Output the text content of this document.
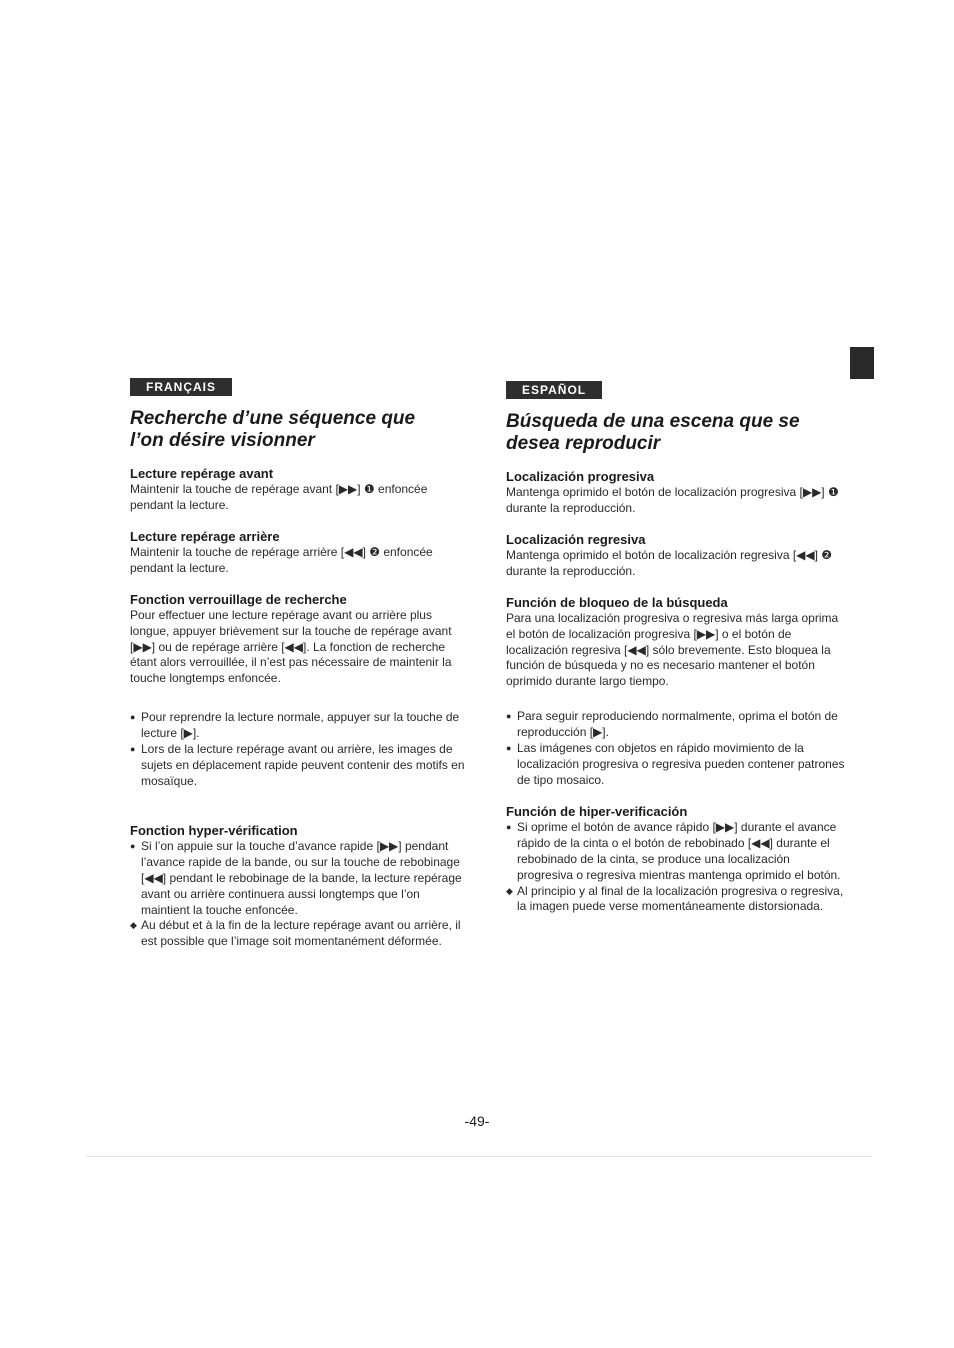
FRANÇAIS
Recherche d’une séquence que
l’on désire visionner
Lecture repérage avant

Maintenir la touche de repérage avant [▶▶] ❶ enfoncée pendant la lecture.

Lecture repérage arrière

Maintenir la touche de repérage arrière [◀◀] ❷ enfoncée pendant la lecture.

Fonction verrouillage de recherche

Pour effectuer une lecture repérage avant ou arrière plus longue, appuyer brièvement sur la touche de repérage avant [▶▶] ou de repérage arrière [◀◀]. La fonction de recherche étant alors verrouillée, il n’est pas nécessaire de maintenir la touche longtemps enfoncée.

● Pour reprendre la lecture normale, appuyer sur la touche de lecture [▶].
● Lors de la lecture repérage avant ou arrière, les images de sujets en déplacement rapide peuvent contenir des motifs en mosaïque.
Fonction hyper-vérification
● Si l’on appuie sur la touche d’avance rapide [▶▶] pendant l’avance rapide de la bande, ou sur la touche de rebobinage [◀◀] pendant le rebobinage de la bande, la lecture repérage avant ou arrière continuera aussi longtemps que l’on maintient la touche enfoncée.
◆ Au début et à la fin de la lecture repérage avant ou arrière, il est possible que l’image soit momentanément déformée.
ESPAÑOL
Búsqueda de una escena que se
desea reproducir
Localización progresiva

Mantenga oprimido el botón de localización progresiva [▶▶] ❶ durante la reproducción.

Localización regresiva

Mantenga oprimido el botón de localización regresiva [◀◀] ❷ durante la reproducción.

Función de bloqueo de la búsqueda

Para una localización progresiva o regresiva más larga oprima el botón de localización progresiva [▶▶] o el botón de localización regresiva [◀◀] sólo brevemente. Esto bloquea la función de búsqueda y no es necesario mantener el botón oprimido durante largo tiempo.

● Para seguir reproduciendo normalmente, oprima el botón de reproducción [▶].
● Las imágenes con objetos en rápido movimiento de la localización progresiva o regresiva pueden contener patrones de tipo mosaico.
Función de hiper-verificación
● Si oprime el botón de avance rápido [▶▶] durante el avance rápido de la cinta o el botón de rebobinado [◀◀] durante el rebobinado de la cinta, se produce una localización progresiva o regresiva mientras mantenga oprimido el botón.
◆ Al principio y al final de la localización progresiva o regresiva, la imagen puede verse momentáneamente distorsionada.
-49-
